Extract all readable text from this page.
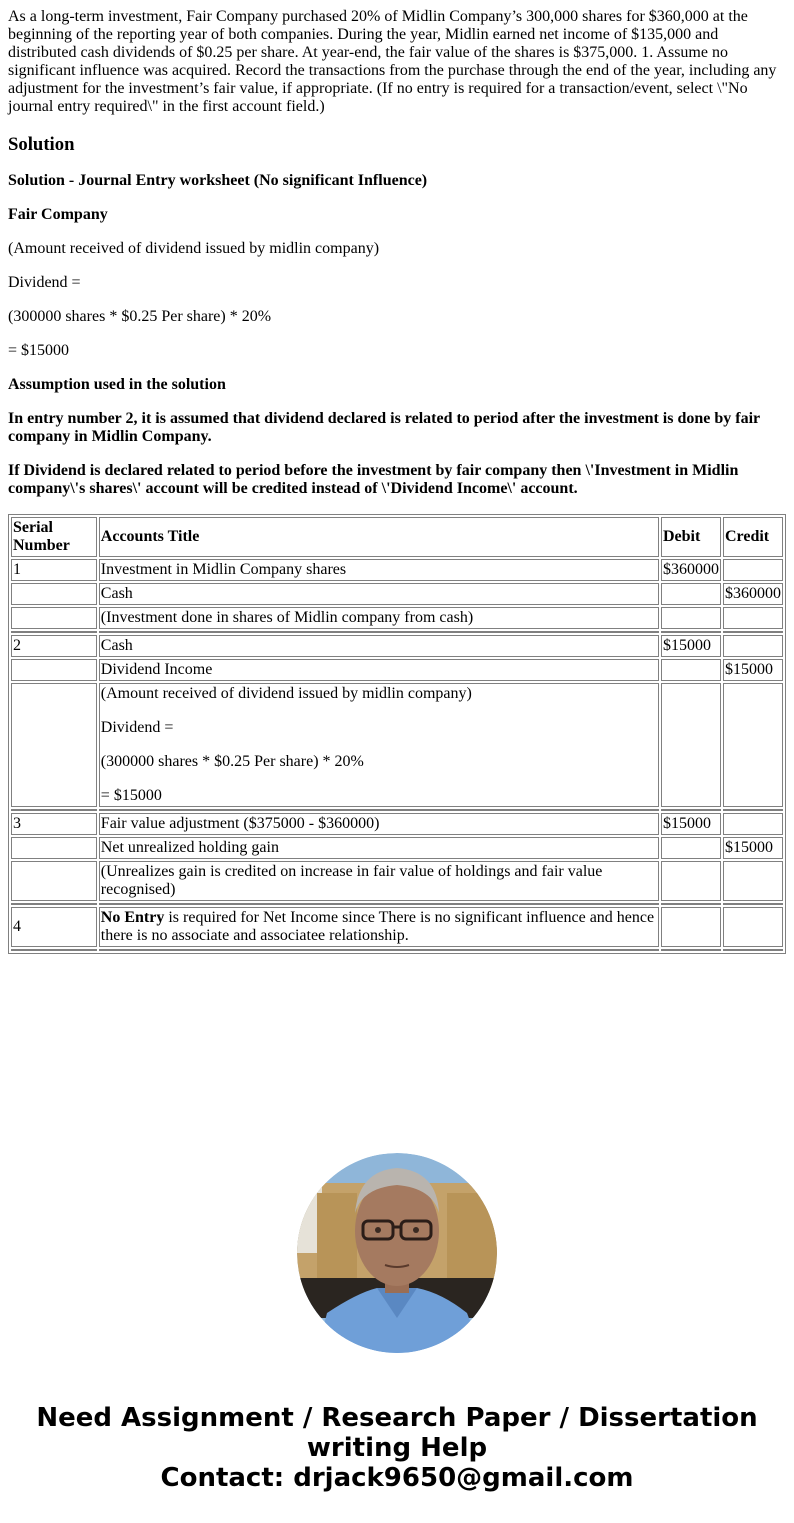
As a long-term investment, Fair Company purchased 20% of Midlin Company’s 300,000 shares for $360,000 at the beginning of the reporting year of both companies. During the year, Midlin earned net income of $135,000 and distributed cash dividends of $0.25 per share. At year-end, the fair value of the shares is $375,000. 1. Assume no significant influence was acquired. Record the transactions from the purchase through the end of the year, including any adjustment for the investment’s fair value, if appropriate. (If no entry is required for a transaction/event, select \"No journal entry required\" in the first account field.)

Solution

Solution - Journal Entry worksheet (No significant Influence)

Fair Company

(Amount received of dividend issued by midlin company)

Dividend =

(300000 shares * $0.25 Per share) * 20%

= $15000

Assumption used in the solution

In entry number 2, it is assumed that dividend declared is related to period after the investment is done by fair company in Midlin Company.

If Dividend is declared related to period before the investment by fair company then \'Investment in Midlin company\'s shares\' account will be credited instead of \'Dividend Income\' account.

Serial Number	Accounts Title	Debit	Credit
1	Investment in Midlin Company shares	$360000	
	Cash		$360000
	(Investment done in shares of Midlin company from cash)		

2	Cash	$15000	
	Dividend Income		$15000

	(Amount received of dividend issued by midlin company)

Dividend =

(300000 shares * $0.25 Per share) * 20%

= $15000		

3	Fair value adjustment ($375000 - $360000)	$15000	
	Net unrealized holding gain		$15000
	(Unrealizes gain is credited on increase in fair value of holdings and fair value recognised)		

4	No Entry is required for Net Income since There is no significant influence and hence there is no associate and associatee relationship.		

Need Assignment / Research Paper / Dissertation
writing Help
Contact: drjack9650@gmail.com
